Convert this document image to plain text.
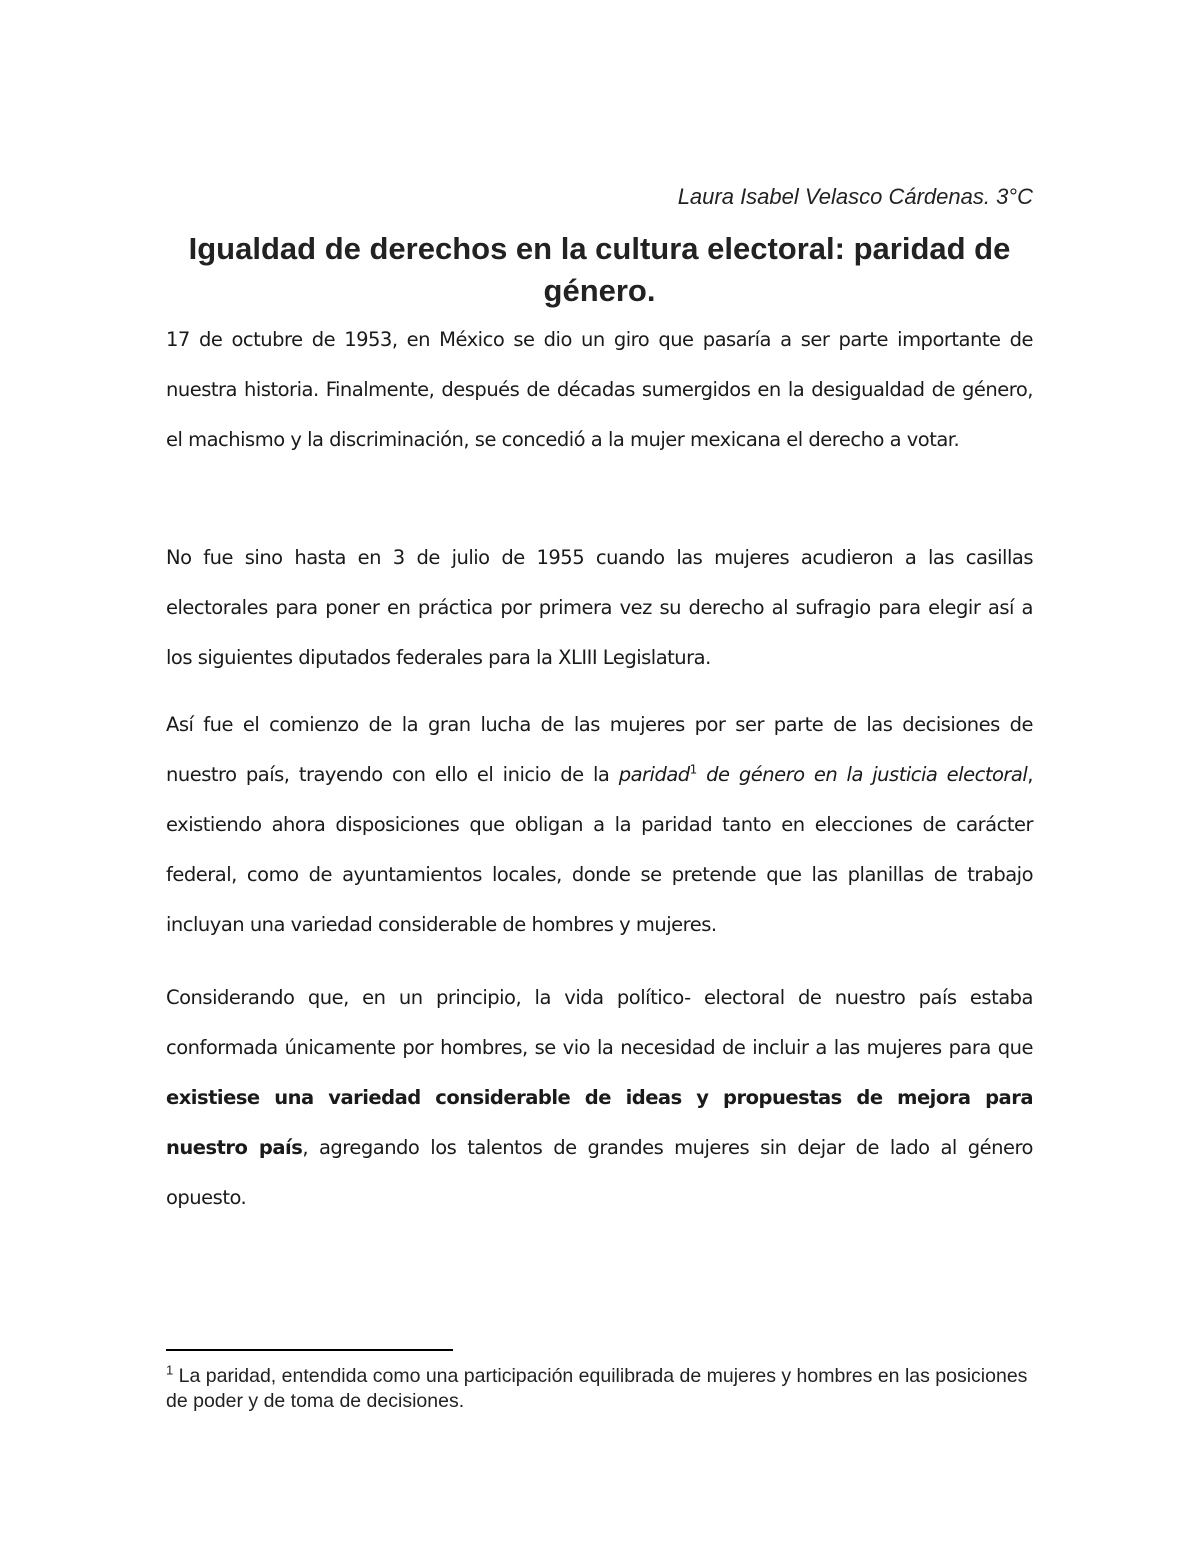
Laura Isabel Velasco Cárdenas. 3°C
Igualdad de derechos en la cultura electoral: paridad de género.

17 de octubre de 1953, en México se dio un giro que pasaría a ser parte importante de nuestra historia. Finalmente, después de décadas sumergidos en la desigualdad de género, el machismo y la discriminación, se concedió a la mujer mexicana el derecho a votar.

No fue sino hasta en 3 de julio de 1955 cuando las mujeres acudieron a las casillas electorales para poner en práctica por primera vez su derecho al sufragio para elegir así a los siguientes diputados federales para la XLIII Legislatura.

Así fue el comienzo de la gran lucha de las mujeres por ser parte de las decisiones de nuestro país, trayendo con ello el inicio de la paridad$^1$ de género en la justicia electoral, existiendo ahora disposiciones que obligan a la paridad tanto en elecciones de carácter federal, como de ayuntamientos locales, donde se pretende que las planillas de trabajo incluyan una variedad considerable de hombres y mujeres.

Considerando que, en un principio, la vida político- electoral de nuestro país estaba conformada únicamente por hombres, se vio la necesidad de incluir a las mujeres para que existiese una variedad considerable de ideas y propuestas de mejora para nuestro país, agregando los talentos de grandes mujeres sin dejar de lado al género opuesto.

$^1$ La paridad, entendida como una participación equilibrada de mujeres y hombres en las posiciones de poder y de toma de decisiones.
